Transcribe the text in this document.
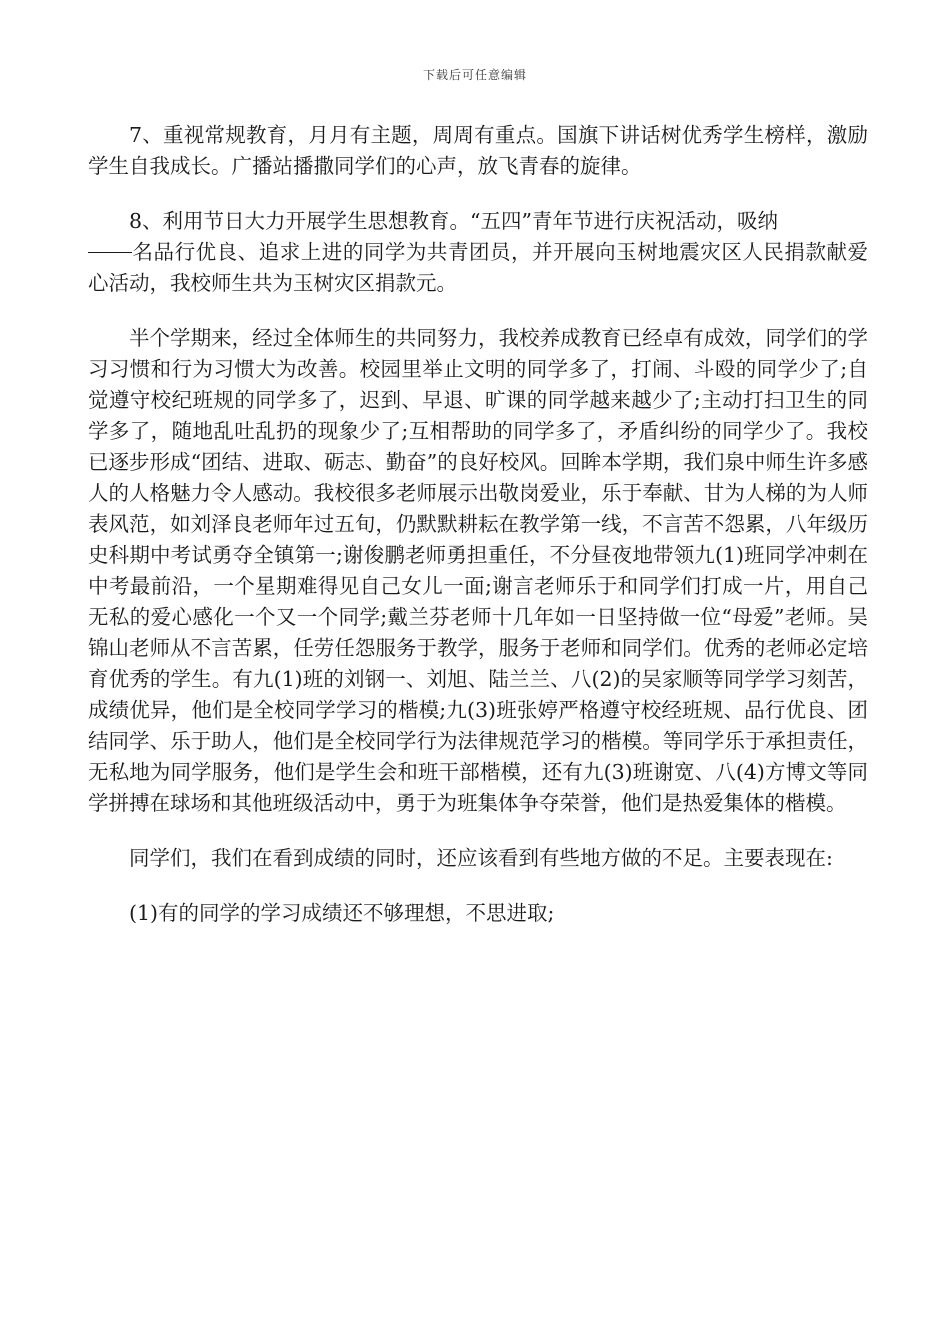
下载后可任意编辑

7、重视常规教育，月月有主题，周周有重点。国旗下讲话树优秀学生榜样，激励学生自我成长。广播站播撒同学们的心声，放飞青春的旋律。

8、利用节日大力开展学生思想教育。“五四”青年节进行庆祝活动，吸纳
名品行优良、追求上进的同学为共青团员，并开展向玉树地震灾区人民捐款献爱心活动，我校师生共为玉树灾区捐款元。

半个学期来，经过全体师生的共同努力，我校养成教育已经卓有成效，同学们的学习习惯和行为习惯大为改善。校园里举止文明的同学多了，打闹、斗殴的同学少了;自觉遵守校纪班规的同学多了，迟到、早退、旷课的同学越来越少了;主动打扫卫生的同学多了，随地乱吐乱扔的现象少了;互相帮助的同学多了，矛盾纠纷的同学少了。我校已逐步形成“团结、进取、砺志、勤奋”的良好校风。回眸本学期，我们泉中师生许多感人的人格魅力令人感动。我校很多老师展示出敬岗爱业，乐于奉献、甘为人梯的为人师表风范，如刘泽良老师年过五旬，仍默默耕耘在教学第一线，不言苦不怨累，八年级历史科期中考试勇夺全镇第一;谢俊鹏老师勇担重任，不分昼夜地带领九(1)班同学冲刺在中考最前沿，一个星期难得见自己女儿一面;谢言老师乐于和同学们打成一片，用自己无私的爱心感化一个又一个同学;戴兰芬老师十几年如一日坚持做一位“母爱”老师。吴锦山老师从不言苦累，任劳任怨服务于教学，服务于老师和同学们。优秀的老师必定培育优秀的学生。有九(1)班的刘钢一、刘旭、陆兰兰、八(2)的吴家顺等同学学习刻苦，成绩优异，他们是全校同学学习的楷模;九(3)班张婷严格遵守校经班规、品行优良、团结同学、乐于助人，他们是全校同学行为法律规范学习的楷模。等同学乐于承担责任，无私地为同学服务，他们是学生会和班干部楷模，还有九(3)班谢宽、八(4)方博文等同学拼搏在球场和其他班级活动中，勇于为班集体争夺荣誉，他们是热爱集体的楷模。

同学们，我们在看到成绩的同时，还应该看到有些地方做的不足。主要表现在:

(1)有的同学的学习成绩还不够理想，不思进取;
